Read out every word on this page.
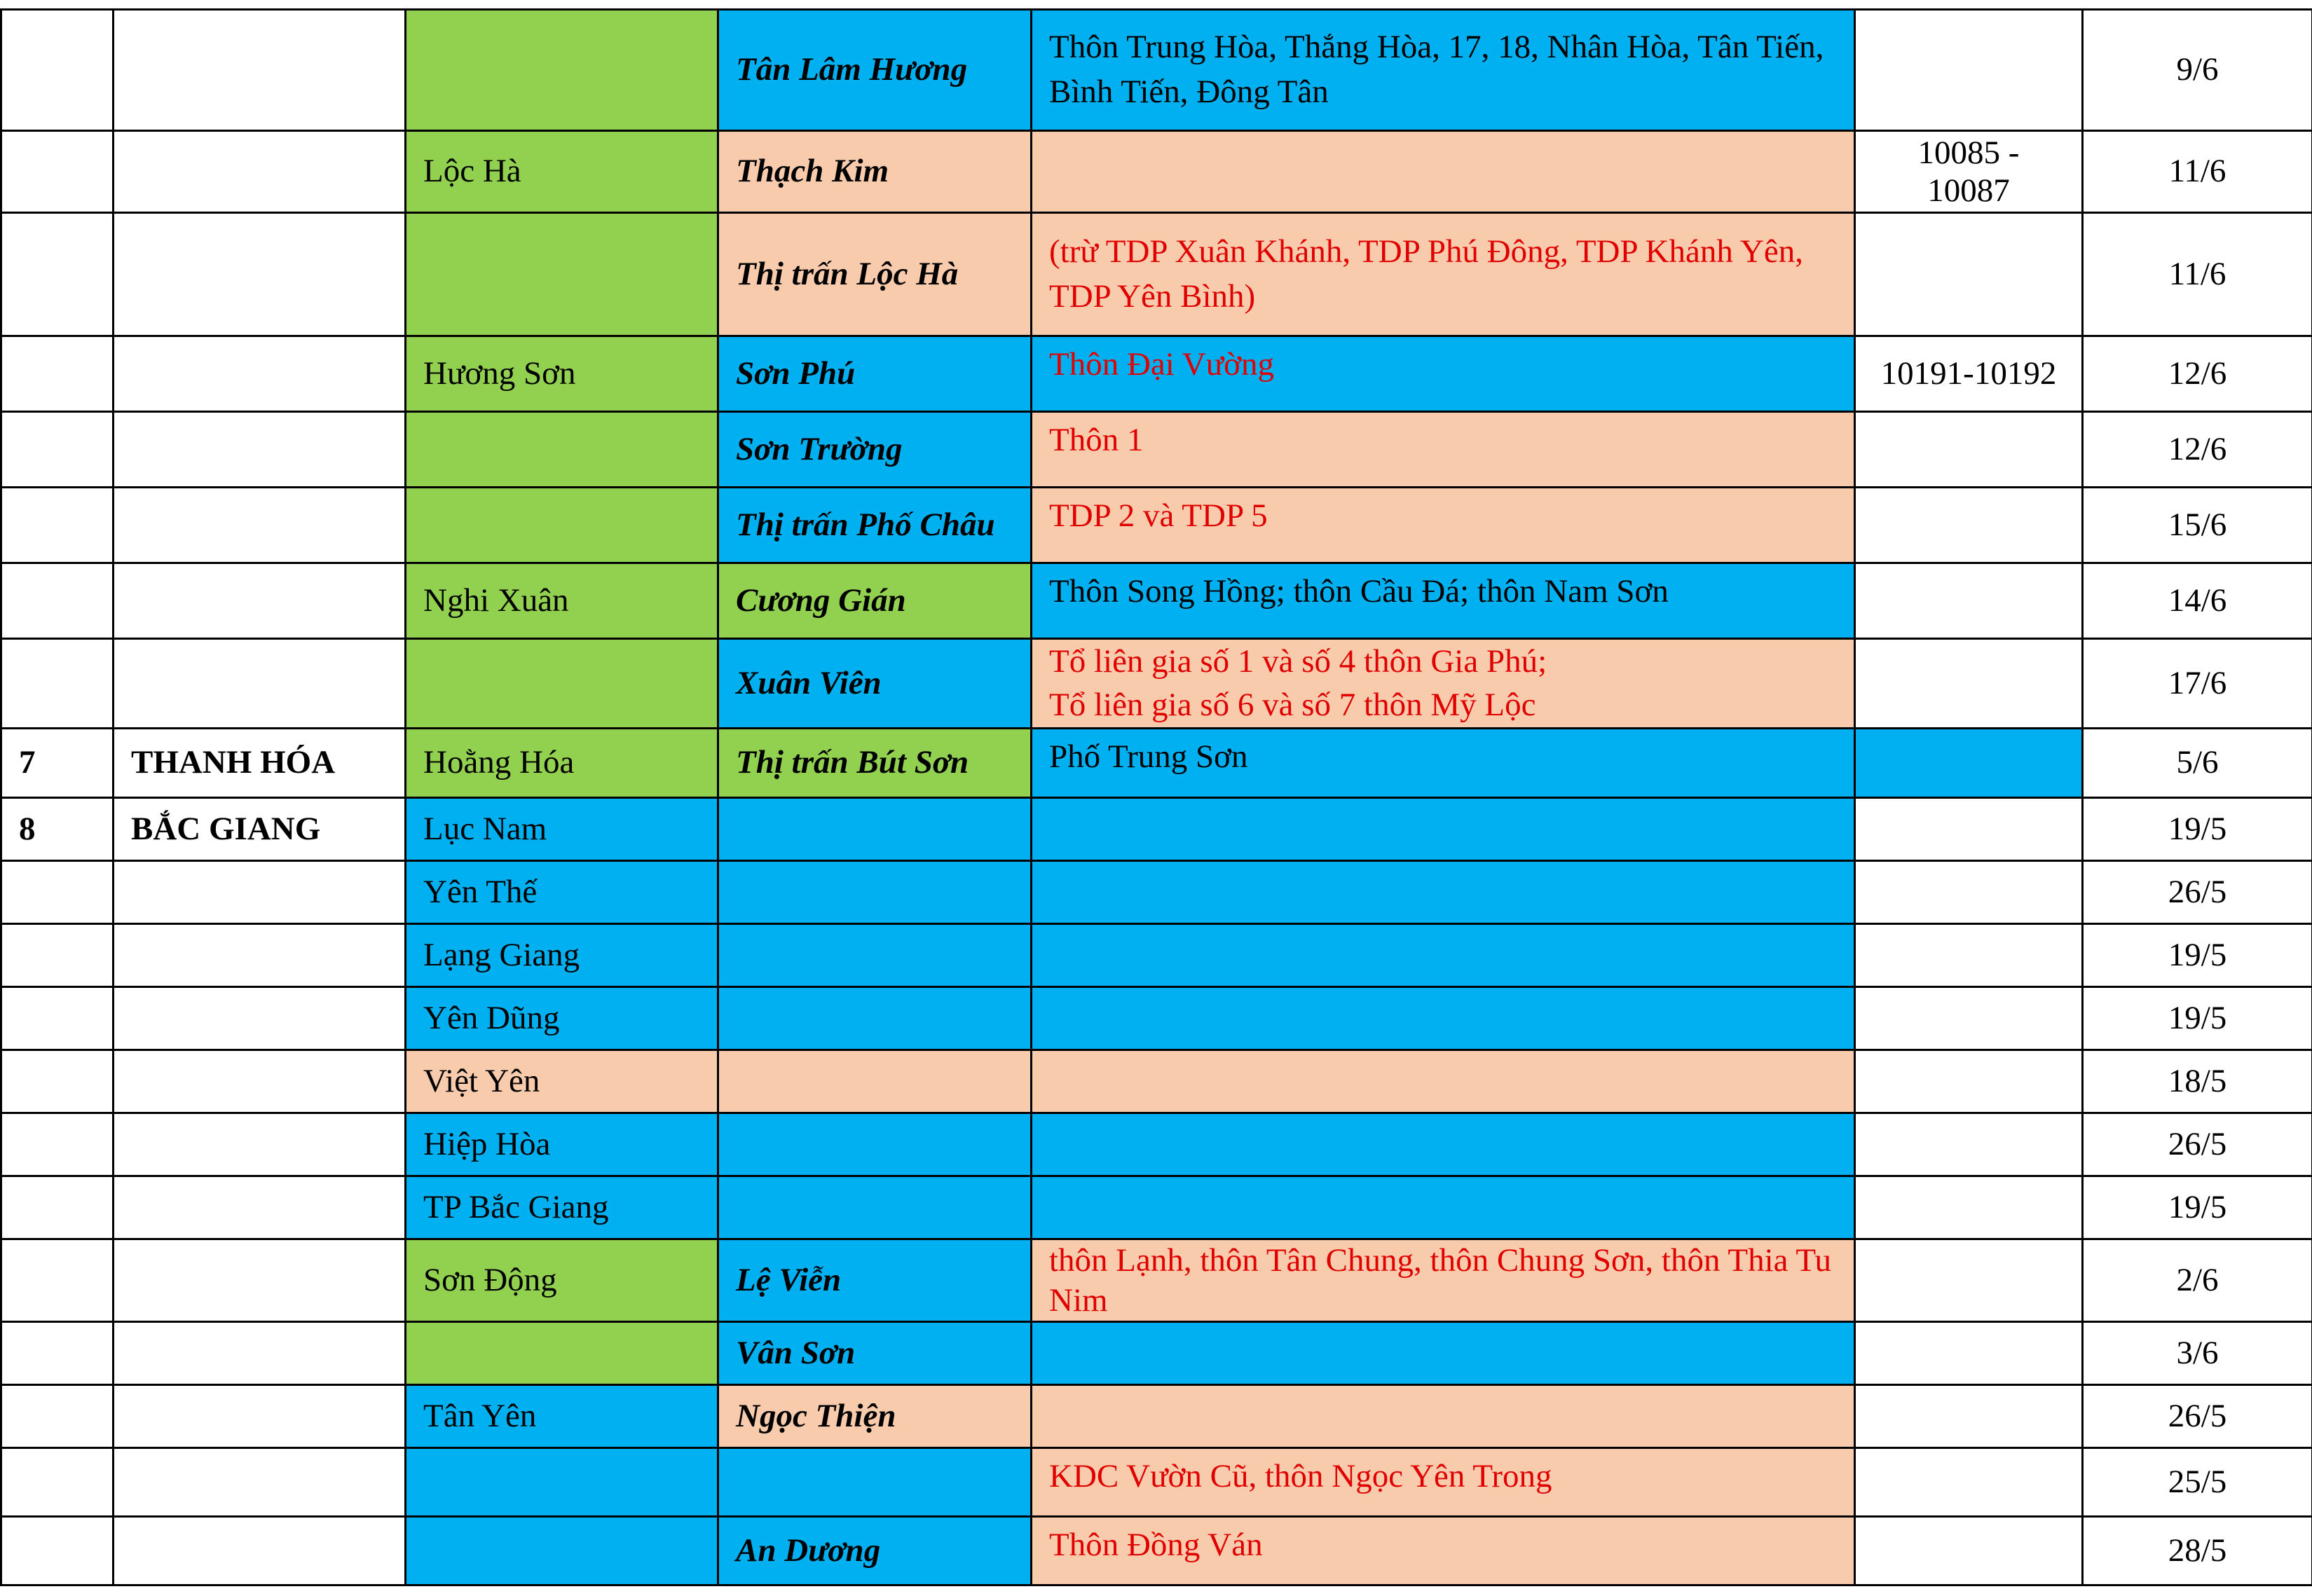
			Tân Lâm Hương	Thôn Trung Hòa, Thắng Hòa, 17, 18, Nhân Hòa, Tân Tiến, Bình Tiến, Đông Tân		9/6
		Lộc Hà	Thạch Kim		10085 - 10087	11/6
			Thị trấn Lộc Hà	(trừ TDP Xuân Khánh, TDP Phú Đông, TDP Khánh Yên, TDP Yên Bình)		11/6
		Hương Sơn	Sơn Phú	Thôn Đại Vường	10191-10192	12/6
			Sơn Trường	Thôn 1		12/6
			Thị trấn Phố Châu	TDP 2 và TDP 5		15/6
		Nghi Xuân	Cương Gián	Thôn Song Hồng; thôn Cầu Đá; thôn Nam Sơn		14/6
			Xuân Viên	Tổ liên gia số 1 và số 4 thôn Gia Phú;
Tổ liên gia số 6 và số 7 thôn Mỹ Lộc		17/6
7	THANH HÓA	Hoằng Hóa	Thị trấn Bút Sơn	Phố Trung Sơn		5/6
8	BẮC GIANG	Lục Nam				19/5
		Yên Thế				26/5
		Lạng Giang				19/5
		Yên Dũng				19/5
		Việt Yên				18/5
		Hiệp Hòa				26/5
		TP Bắc Giang				19/5
		Sơn Động	Lệ Viễn	thôn Lạnh, thôn Tân Chung, thôn Chung Sơn, thôn Thia Tu Nim		2/6
			Vân Sơn			3/6
		Tân Yên	Ngọc Thiện			26/5
				KDC Vườn Cũ, thôn Ngọc Yên Trong		25/5
			An Dương	Thôn Đồng Ván		28/5
